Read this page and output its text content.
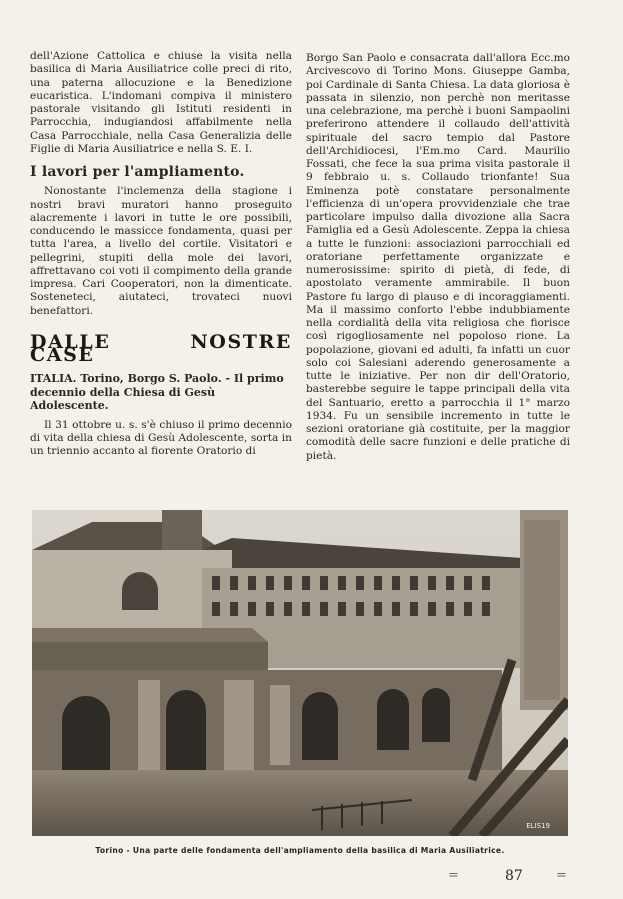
dell'Azione Cattolica e chiuse la visita nella basilica di Maria Ausiliatrice colle preci di rito, una paterna allocuzione e la Benedizione eucaristica. L'indomani compiva il ministero pastorale visitando gli Istituti residenti in Parrocchia, indugiandosi affabilmente nella Casa Parrocchiale, nella Casa Generalizia delle Figlie di Maria Ausiliatrice e nella S. E. I.

I lavori per l'ampliamento.

Nonostante l'inclemenza della stagione i nostri bravi muratori hanno proseguito alacremente i lavori in tutte le ore possibili, conducendo le massicce fondamenta, quasi per tutta l'area, a livello del cortile. Visitatori e pellegrini, stupiti della mole dei lavori, affrettavano coi voti il compimento della grande impresa. Cari Cooperatori, non la dimenticate. Sosteneteci, aiutateci, trovateci nuovi benefattori.

DALLE NOSTRE CASE
ITALIA. Torino, Borgo S. Paolo. - Il primo decennio della Chiesa di Gesù Adolescente.

Il 31 ottobre u. s. s'è chiuso il primo decennio di vita della chiesa di Gesù Adolescente, sorta in un triennio accanto al fiorente Oratorio di

Borgo San Paolo e consacrata dall'allora Ecc.mo Arcivescovo di Torino Mons. Giuseppe Gamba, poi Cardinale di Santa Chiesa. La data gloriosa è passata in silenzio, non perchè non meritasse una celebrazione, ma perchè i buoni Sampaolini preferirono attendere il collaudo dell'attività spirituale del sacro tempio dal Pastore dell'Archidiocesi, l'Em.mo Card. Maurilio Fossati, che fece la sua prima visita pastorale il 9 febbraio u. s. Collaudo trionfante! Sua Eminenza potè constatare personalmente l'efficienza di un'opera provvidenziale che trae particolare impulso dalla divozione alla Sacra Famiglia ed a Gesù Adolescente. Zeppa la chiesa a tutte le funzioni: associazioni parrocchiali ed oratoriane perfettamente organizzate e numerosissime: spirito di pietà, di fede, di apostolato veramente ammirabile. Il buon Pastore fu largo di plauso e di incoraggiamenti. Ma il massimo conforto l'ebbe indubbiamente nella cordialità della vita religiosa che fiorisce così rigogliosamente nel popoloso rione. La popolazione, giovani ed adulti, fa infatti un cuor solo coi Salesiani aderendo generosamente a tutte le iniziative. Per non dir dell'Oratorio, basterebbe seguire le tappe principali della vita del Santuario, eretto a parrocchia il 1° marzo 1934. Fu un sensibile incremento in tutte le sezioni oratoriane già costituite, per la maggior comodità delle sacre funzioni e delle pratiche di pietà.

ELIS19
Torino - Una parte delle fondamenta dell'ampliamento della basilica di Maria Ausiliatrice.
=	87	=
